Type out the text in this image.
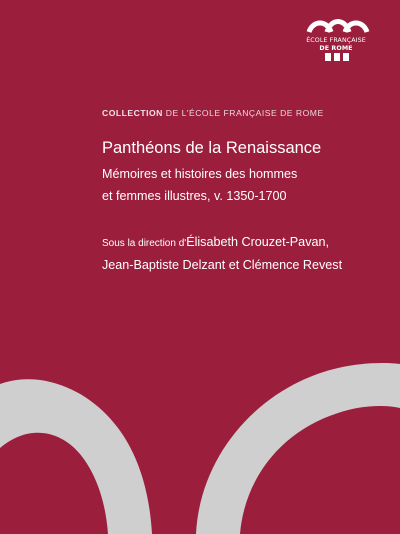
ÉCOLE FRANÇAISE
DE ROME
COLLECTION DE L'ÉCOLE FRANÇAISE DE ROME
Panthéons de la Renaissance
Mémoires et histoires des hommes
et femmes illustres, v. 1350-1700
Sous la direction d'Élisabeth Crouzet-Pavan,
Jean-Baptiste Delzant et Clémence Revest
